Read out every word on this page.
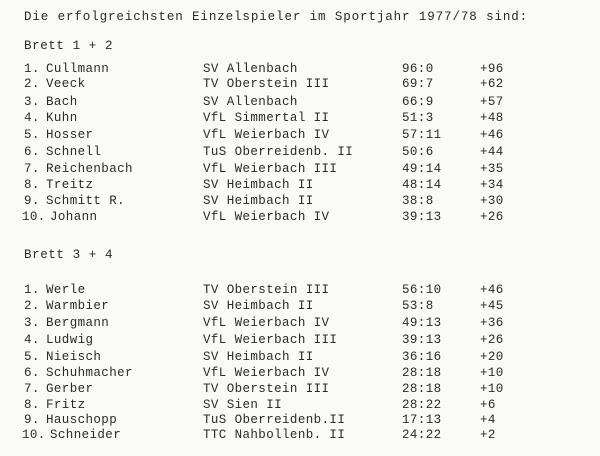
Die erfolgreichsten Einzelspieler im Sportjahr 1977/78 sind:
Brett 1 + 2
1. Cullmann	SV Allenbach	96:0	+96
2. Veeck	TV Oberstein III	69:7	+62
3. Bach	SV Allenbach	66:9	+57
4. Kuhn	VfL Simmertal II	51:3	+48
5. Hosser	VfL Weierbach IV	57:11	+46
6. Schnell	TuS Oberreidenb. II	50:6	+44
7. Reichenbach	VfL Weierbach III	49:14	+35
8. Treitz	SV Heimbach II	48:14	+34
9. Schmitt R.	SV Heimbach II	38:8	+30
10. Johann	VfL Weierbach IV	39:13	+26
Brett 3 + 4
1. Werle	TV Oberstein III	56:10	+46
2. Warmbier	SV Heimbach II	53:8	+45
3. Bergmann	VfL Weierbach IV	49:13	+36
4. Ludwig	VfL Weierbach III	39:13	+26
5. Nieisch	SV Heimbach II	36:16	+20
6. Schuhmacher	VfL Weierbach IV	28:18	+10
7. Gerber	TV Oberstein III	28:18	+10
8. Fritz	SV Sien II	28:22	+6
9. Hauschopp	TuS Oberreidenb.II	17:13	+4
10. Schneider	TTC Nahbollenb. II	24:22	+2
